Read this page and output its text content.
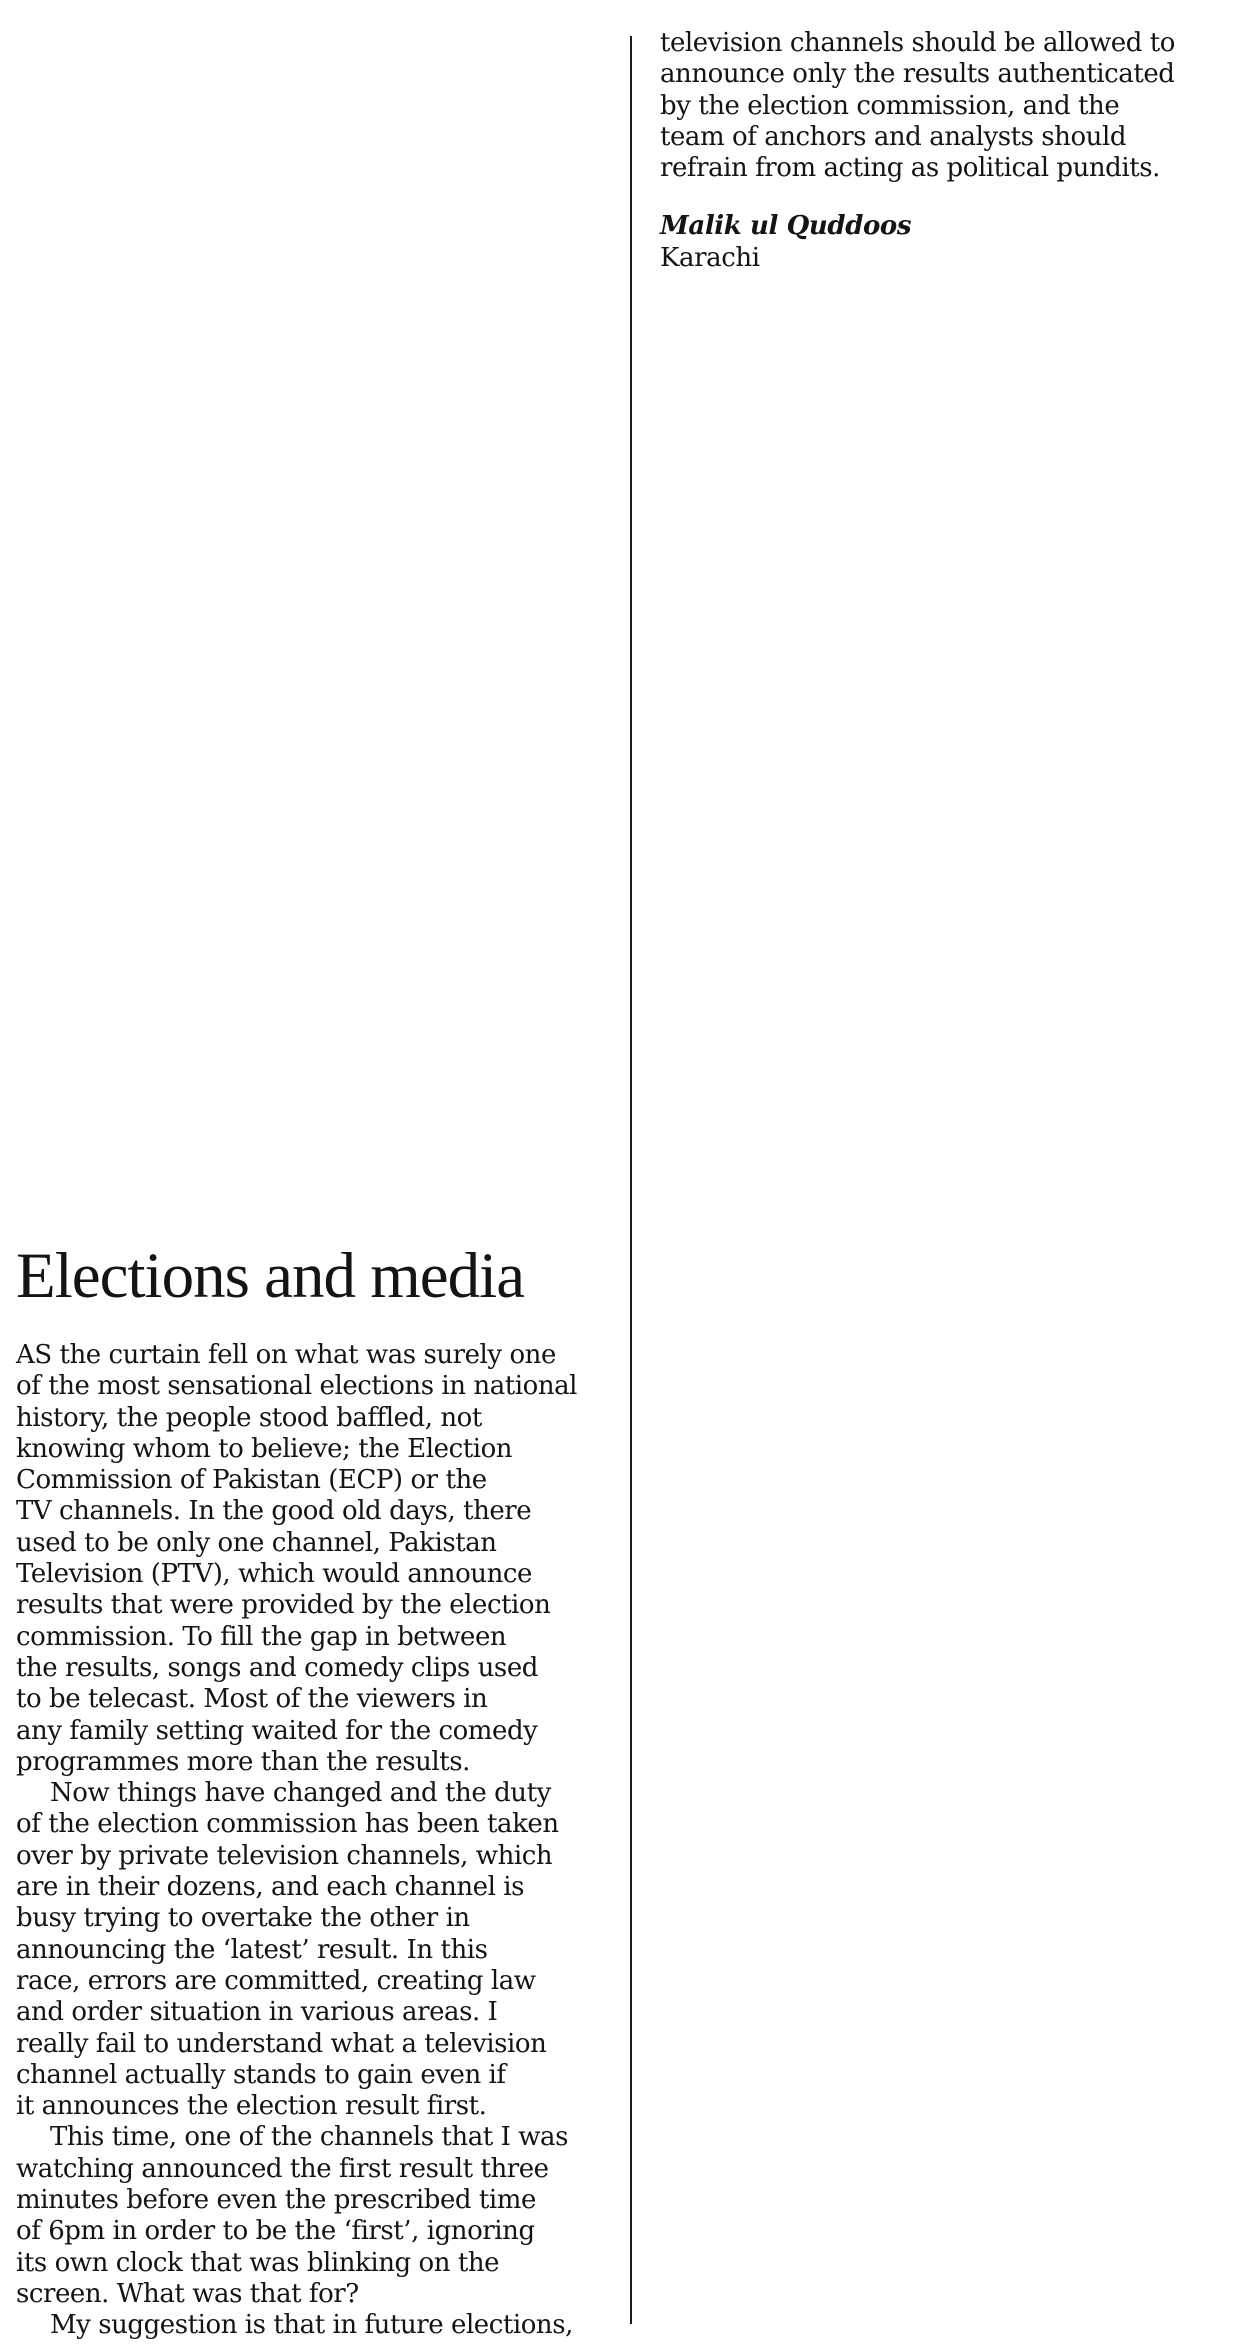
television channels should be allowed to
announce only the results authenticated
by the election commission, and the
team of anchors and analysts should
refrain from acting as political pundits.
Malik ul Quddoos
Karachi
Elections and media
AS the curtain fell on what was surely one
of the most sensational elections in national
history, the people stood baffled, not
knowing whom to believe; the Election
Commission of Pakistan (ECP) or the
TV channels. In the good old days, there
used to be only one channel, Pakistan
Television (PTV), which would announce
results that were provided by the election
commission. To fill the gap in between
the results, songs and comedy clips used
to be telecast. Most of the viewers in
any family setting waited for the comedy
programmes more than the results.
Now things have changed and the duty
of the election commission has been taken
over by private television channels, which
are in their dozens, and each channel is
busy trying to overtake the other in
announcing the ‘latest’ result. In this
race, errors are committed, creating law
and order situation in various areas. I
really fail to understand what a television
channel actually stands to gain even if
it announces the election result first.
This time, one of the channels that I was
watching announced the first result three
minutes before even the prescribed time
of 6pm in order to be the ‘first’, ignoring
its own clock that was blinking on the
screen. What was that for?
My suggestion is that in future elections,
